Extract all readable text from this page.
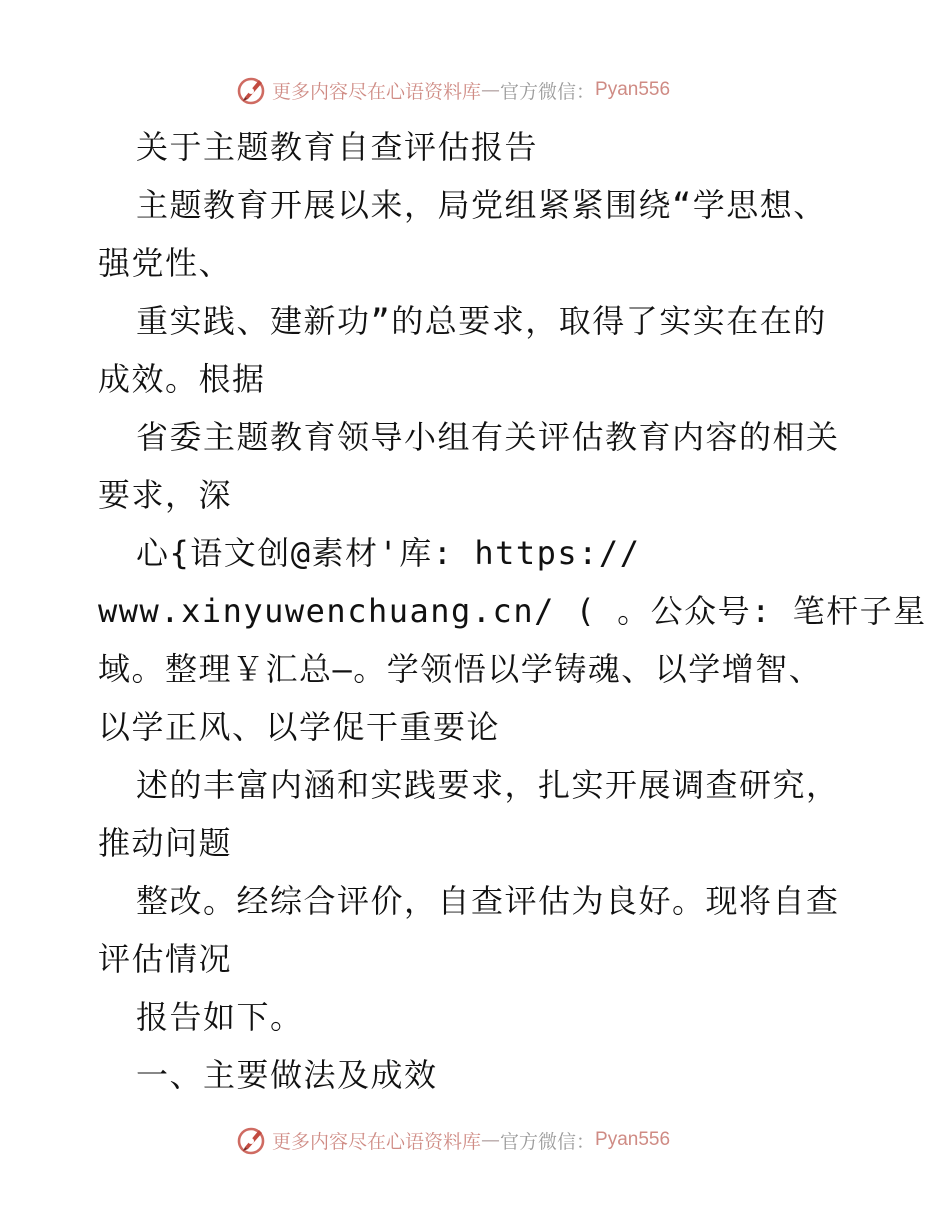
更多内容尽在心语资料库 — 官方微信： Pyan556
关于主题教育自查评估报告
主题教育开展以来，局党组紧紧围绕“学思想、
强党性、
重实践、建新功”的总要求，取得了实实在在的
成效。根据
省委主题教育领导小组有关评估教育内容的相关
要求，深
心{语文创@素材'库: https://
www.xinyuwenchuang.cn/ ( 。公众号: 笔杆子星
域。整理￥汇总—。学领悟以学铸魂、以学增智、
以学正风、以学促干重要论
述的丰富内涵和实践要求，扎实开展调查研究，
推动问题
整改。经综合评价，自查评估为良好。现将自查
评估情况
报告如下。
一、主要做法及成效
更多内容尽在心语资料库 — 官方微信： Pyan556
